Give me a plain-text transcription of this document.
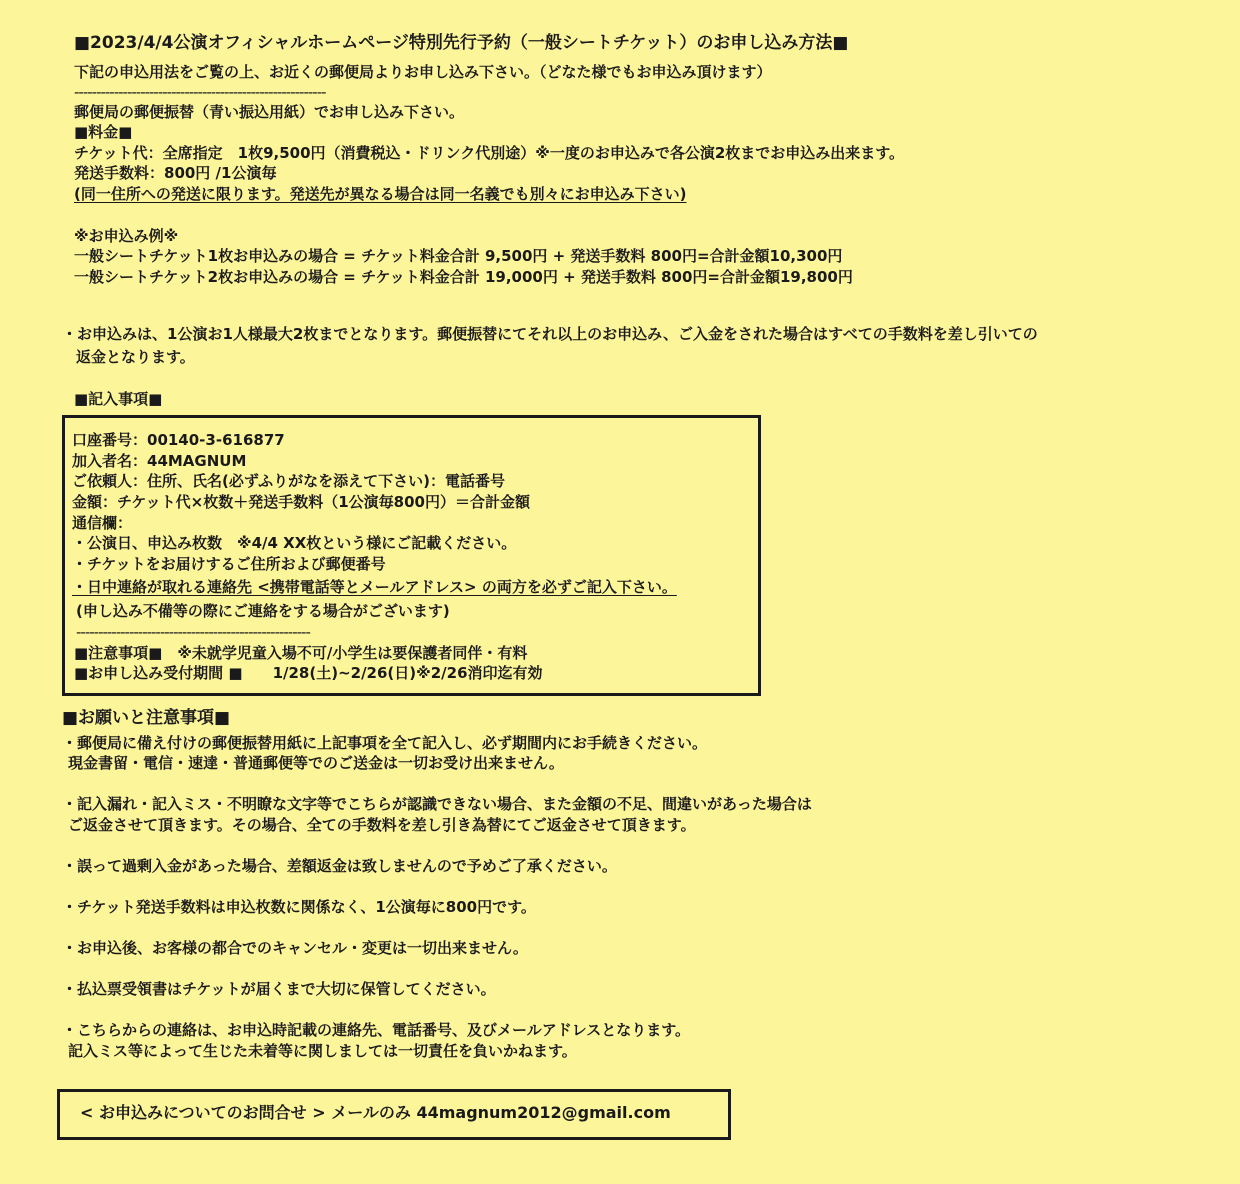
■2023/4/4公演オフィシャルホームページ特別先行予約（一般シートチケット）のお申し込み方法■
下記の申込用法をご覧の上、お近くの郵便局よりお申し込み下さい。（どなた様でもお申込み頂けます）
---------------------------------------------------------
郵便局の郵便振替（青い振込用紙）でお申し込み下さい。
■料金■
チケット代：全席指定　1枚9,500円（消費税込・ドリンク代別途）※一度のお申込みで各公演2枚までお申込み出来ます。
発送手数料：800円 /1公演毎
(同一住所への発送に限ります。発送先が異なる場合は同一名義でも別々にお申込み下さい)
※お申込み例※
一般シートチケット1枚お申込みの場合 = チケット料金合計 9,500円 + 発送手数料 800円=合計金額10,300円
一般シートチケット2枚お申込みの場合 = チケット料金合計 19,000円 + 発送手数料 800円=合計金額19,800円
・お申込みは、1公演お1人様最大2枚までとなります。郵便振替にてそれ以上のお申込み、ご入金をされた場合はすべての手数料を差し引いての
返金となります。
■記入事項■
口座番号：00140-3-616877
加入者名：44MAGNUM
ご依頼人：住所、氏名(必ずふりがなを添えて下さい)：電話番号
金額：チケット代×枚数＋発送手数料（1公演毎800円）＝合計金額
通信欄：
・公演日、申込み枚数　※4/4 XX枚という様にご記載ください。
・チケットをお届けするご住所および郵便番号
・日中連絡が取れる連絡先 <携帯電話等とメールアドレス> の両方を必ずご記入下さい。
(申し込み不備等の際にご連絡をする場合がございます)
-----------------------------------------------------
■注意事項■　※未就学児童入場不可/小学生は要保護者同伴・有料
■お申し込み受付期間 ■　　1/28(土)~2/26(日)※2/26消印迄有効
■お願いと注意事項■
・郵便局に備え付けの郵便振替用紙に上記事項を全て記入し、必ず期間内にお手続きください。
現金書留・電信・速達・普通郵便等でのご送金は一切お受け出来ません。
・記入漏れ・記入ミス・不明瞭な文字等でこちらが認識できない場合、また金額の不足、間違いがあった場合は
ご返金させて頂きます。その場合、全ての手数料を差し引き為替にてご返金させて頂きます。
・誤って過剰入金があった場合、差額返金は致しませんので予めご了承ください。
・チケット発送手数料は申込枚数に関係なく、1公演毎に800円です。
・お申込後、お客様の都合でのキャンセル・変更は一切出来ません。
・払込票受領書はチケットが届くまで大切に保管してください。
・こちらからの連絡は、お申込時記載の連絡先、電話番号、及びメールアドレスとなります。
記入ミス等によって生じた未着等に関しましては一切責任を負いかねます。
< お申込みについてのお問合せ > メールのみ 44magnum2012@gmail.com
